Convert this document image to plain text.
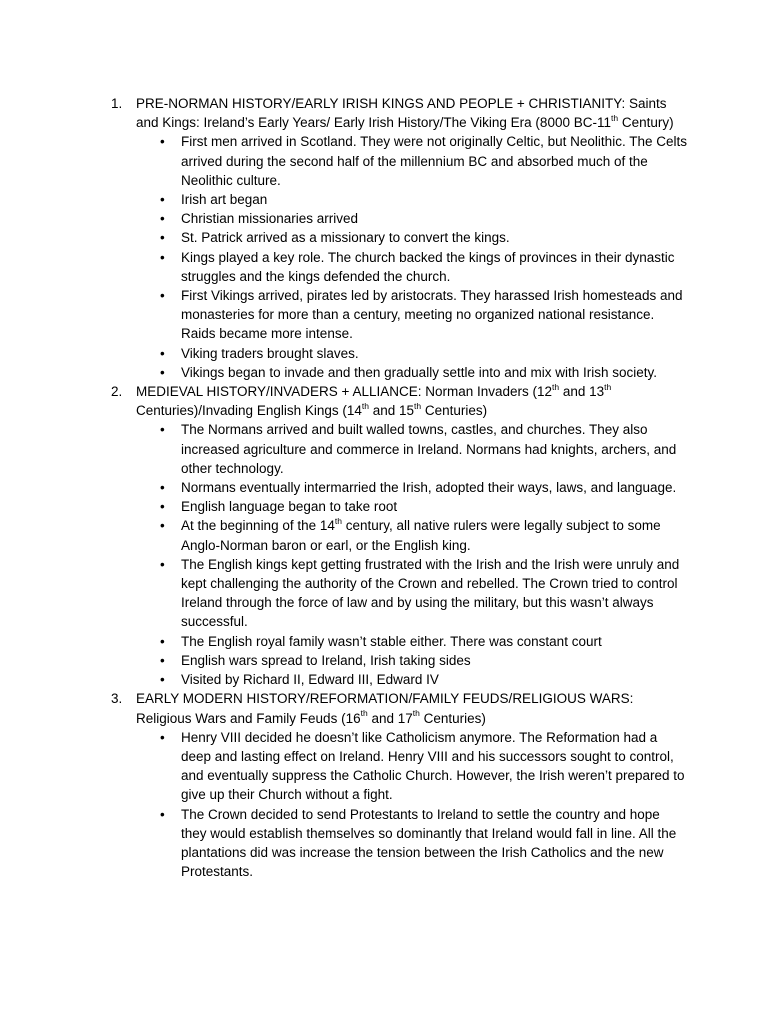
1. PRE-NORMAN HISTORY/EARLY IRISH KINGS AND PEOPLE + CHRISTIANITY: Saints and Kings: Ireland’s Early Years/ Early Irish History/The Viking Era (8000 BC-11th Century)
• First men arrived in Scotland. They were not originally Celtic, but Neolithic. The Celts arrived during the second half of the millennium BC and absorbed much of the Neolithic culture.
• Irish art began
• Christian missionaries arrived
• St. Patrick arrived as a missionary to convert the kings.
• Kings played a key role. The church backed the kings of provinces in their dynastic struggles and the kings defended the church.
• First Vikings arrived, pirates led by aristocrats. They harassed Irish homesteads and monasteries for more than a century, meeting no organized national resistance. Raids became more intense.
• Viking traders brought slaves.
• Vikings began to invade and then gradually settle into and mix with Irish society.
2. MEDIEVAL HISTORY/INVADERS + ALLIANCE: Norman Invaders (12th and 13th Centuries)/Invading English Kings (14th and 15th Centuries)
• The Normans arrived and built walled towns, castles, and churches. They also increased agriculture and commerce in Ireland. Normans had knights, archers, and other technology.
• Normans eventually intermarried the Irish, adopted their ways, laws, and language.
• English language began to take root
• At the beginning of the 14th century, all native rulers were legally subject to some Anglo-Norman baron or earl, or the English king.
• The English kings kept getting frustrated with the Irish and the Irish were unruly and kept challenging the authority of the Crown and rebelled. The Crown tried to control Ireland through the force of law and by using the military, but this wasn’t always successful.
• The English royal family wasn’t stable either. There was constant court
• English wars spread to Ireland, Irish taking sides
• Visited by Richard II, Edward III, Edward IV
3. EARLY MODERN HISTORY/REFORMATION/FAMILY FEUDS/RELIGIOUS WARS: Religious Wars and Family Feuds (16th and 17th Centuries)
• Henry VIII decided he doesn’t like Catholicism anymore. The Reformation had a deep and lasting effect on Ireland. Henry VIII and his successors sought to control, and eventually suppress the Catholic Church. However, the Irish weren’t prepared to give up their Church without a fight.
• The Crown decided to send Protestants to Ireland to settle the country and hope they would establish themselves so dominantly that Ireland would fall in line. All the plantations did was increase the tension between the Irish Catholics and the new Protestants.
